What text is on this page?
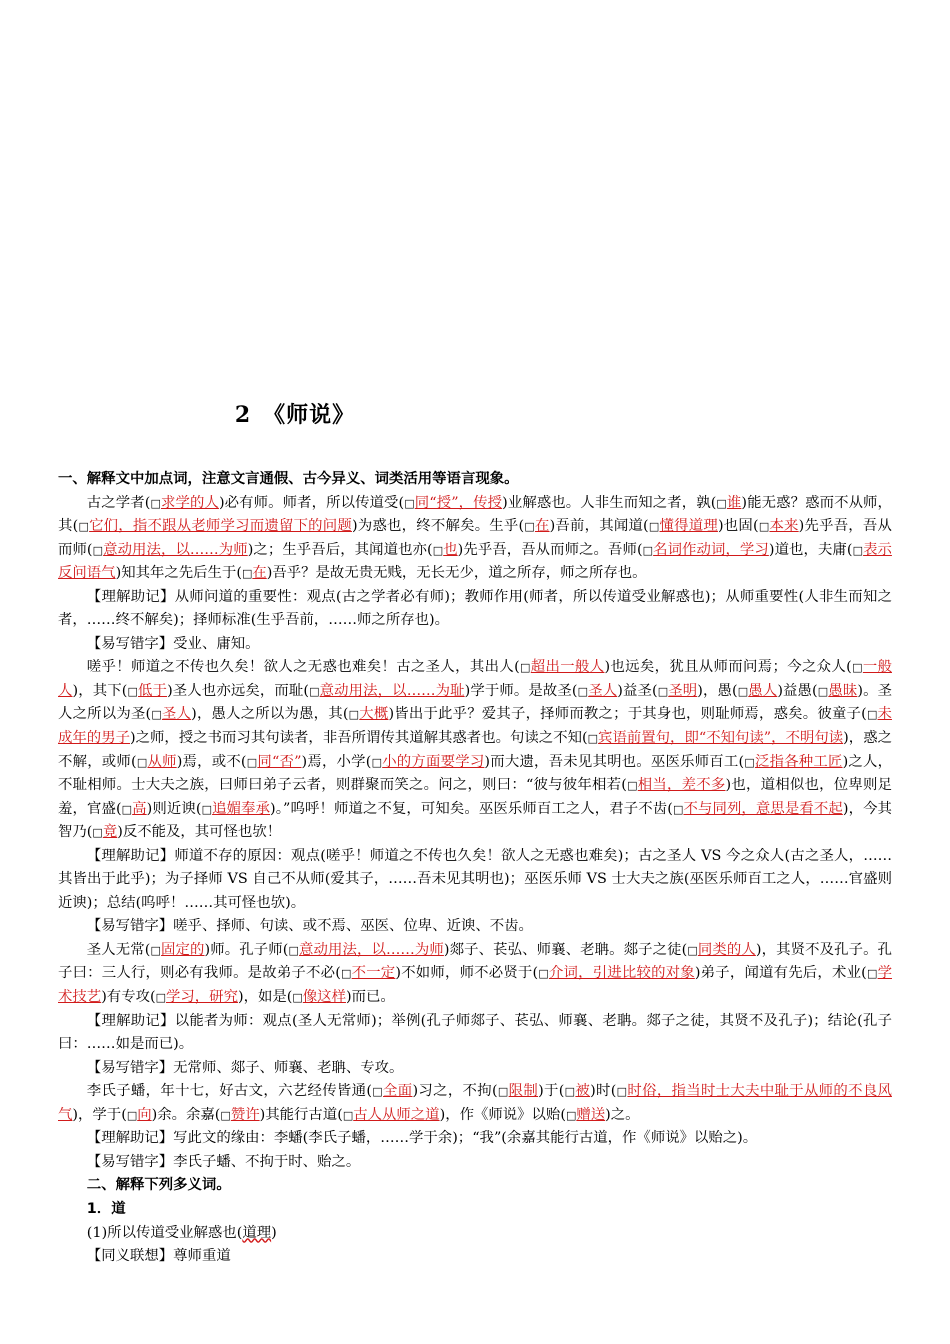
2　《师说》

一、解释文中加点词，注意文言通假、古今异义、词类活用等语言现象。

古之学者(□求学的人)必有师。师者，所以传道受(□同“授”，传授)业解惑也。人非生而知之者，孰(□谁)能无惑？惑而不从师，其(□它们，指不跟从老师学习而遗留下的问题)为惑也，终不解矣。生乎(□在)吾前，其闻道(□懂得道理)也固(□本来)先乎吾，吾从而师(□意动用法，以……为师)之；生乎吾后，其闻道也亦(□也)先乎吾，吾从而师之。吾师(□名词作动词，学习)道也，夫庸(□表示反问语气)知其年之先后生于(□在)吾乎？是故无贵无贱，无长无少，道之所存，师之所存也。

【理解助记】从师问道的重要性：观点(古之学者必有师)；教师作用(师者，所以传道受业解惑也)；从师重要性(人非生而知之者，……终不解矣)；择师标准(生乎吾前，……师之所存也)。

【易写错字】受业、庸知。

嗟乎！师道之不传也久矣！欲人之无惑也难矣！古之圣人，其出人(□超出一般人)也远矣，犹且从师而问焉；今之众人(□一般人)，其下(□低于)圣人也亦远矣，而耻(□意动用法，以……为耻)学于师。是故圣(□圣人)益圣(□圣明)，愚(□愚人)益愚(□愚昧)。圣人之所以为圣(□圣人)，愚人之所以为愚，其(□大概)皆出于此乎？爱其子，择师而教之；于其身也，则耻师焉，惑矣。彼童子(□未成年的男子)之师，授之书而习其句读者，非吾所谓传其道解其惑者也。句读之不知(□宾语前置句，即“不知句读”，不明句读)，惑之不解，或师(□从师)焉，或不(□同“否”)焉，小学(□小的方面要学习)而大遗，吾未见其明也。巫医乐师百工(□泛指各种工匠)之人，不耻相师。士大夫之族，曰师曰弟子云者，则群聚而笑之。问之，则曰：“彼与彼年相若(□相当，差不多)也，道相似也，位卑则足羞，官盛(□高)则近谀(□追媚奉承)。”呜呼！师道之不复，可知矣。巫医乐师百工之人，君子不齿(□不与同列，意思是看不起)，今其智乃(□竟)反不能及，其可怪也欤！

【理解助记】师道不存的原因：观点(嗟乎！师道之不传也久矣！欲人之无惑也难矣)；古之圣人 VS 今之众人(古之圣人，……其皆出于此乎)；为子择师 VS 自己不从师(爱其子，……吾未见其明也)；巫医乐师 VS 士大夫之族(巫医乐师百工之人，……官盛则近谀)；总结(呜呼！……其可怪也欤)。

【易写错字】嗟乎、择师、句读、或不焉、巫医、位卑、近谀、不齿。

圣人无常(□固定的)师。孔子师(□意动用法，以……为师)郯子、苌弘、师襄、老聃。郯子之徒(□同类的人)，其贤不及孔子。孔子曰：三人行，则必有我师。是故弟子不必(□不一定)不如师，师不必贤于(□介词，引进比较的对象)弟子，闻道有先后，术业(□学术技艺)有专攻(□学习，研究)，如是(□像这样)而已。

【理解助记】以能者为师：观点(圣人无常师)；举例(孔子师郯子、苌弘、师襄、老聃。郯子之徒，其贤不及孔子)；结论(孔子曰：……如是而已)。

【易写错字】无常师、郯子、师襄、老聃、专攻。

李氏子蟠，年十七，好古文，六艺经传皆通(□全面)习之，不拘(□限制)于(□被)时(□时俗，指当时士大夫中耻于从师的不良风气)，学于(□向)余。余嘉(□赞许)其能行古道(□古人从师之道)，作《师说》以贻(□赠送)之。

【理解助记】写此文的缘由：李蟠(李氏子蟠，……学于余)；“我”(余嘉其能行古道，作《师说》以贻之)。

【易写错字】李氏子蟠、不拘于时、贻之。

二、解释下列多义词。

1．道

(1)所以传道受业解惑也(道理)

【同义联想】尊师重道
